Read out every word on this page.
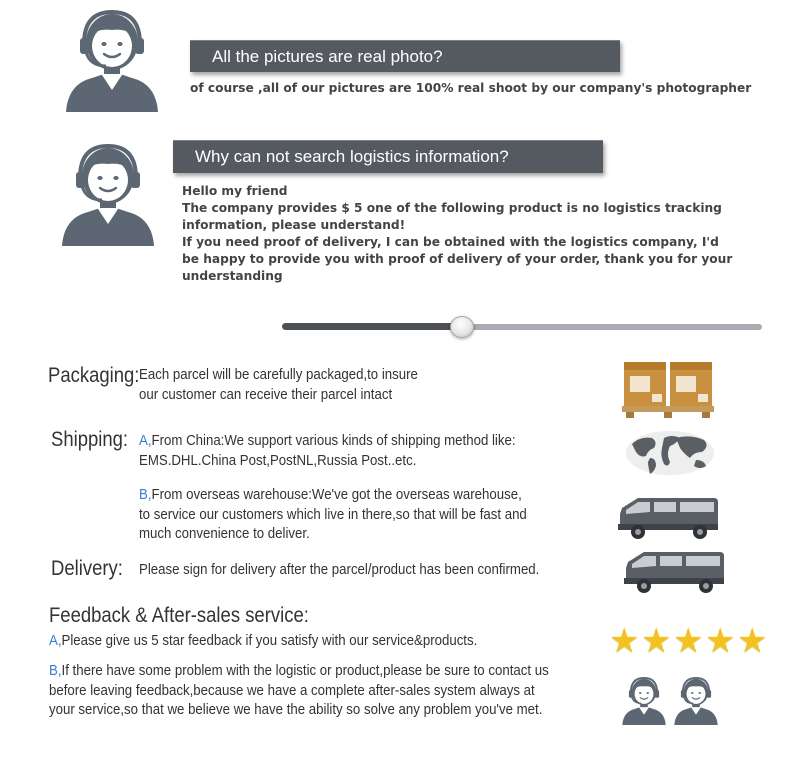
All the pictures are real photo?

of course ,all of our pictures are 100% real shoot by our company's photographer

Why can not search logistics information?

Hello my friend

The company provides $ 5 one of the following product is no logistics tracking

information, please understand!

If you need proof of delivery, I can be obtained with the logistics company, I'd

be happy to provide you with proof of delivery of your order, thank you for your

understanding

Packaging: Each parcel will be carefully packaged,to insure
our customer can receive their parcel intact
Shipping: A,From China:We support various kinds of shipping method like:
EMS.DHL.China Post,PostNL,Russia Post..etc.
B,From overseas warehouse:We've got the overseas warehouse,
to service our customers which live in there,so that will be fast and
much convenience to deliver.
Delivery: Please sign for delivery after the parcel/product has been confirmed.
Feedback & After-sales service:
A,Please give us 5 star feedback if you satisfy with our service&products.
B,If there have some problem with the logistic or product,please be sure to contact us
before leaving feedback,because we have a complete after-sales system always at
your service,so that we believe we have the ability so solve any problem you've met.
★ ★ ★ ★ ★
